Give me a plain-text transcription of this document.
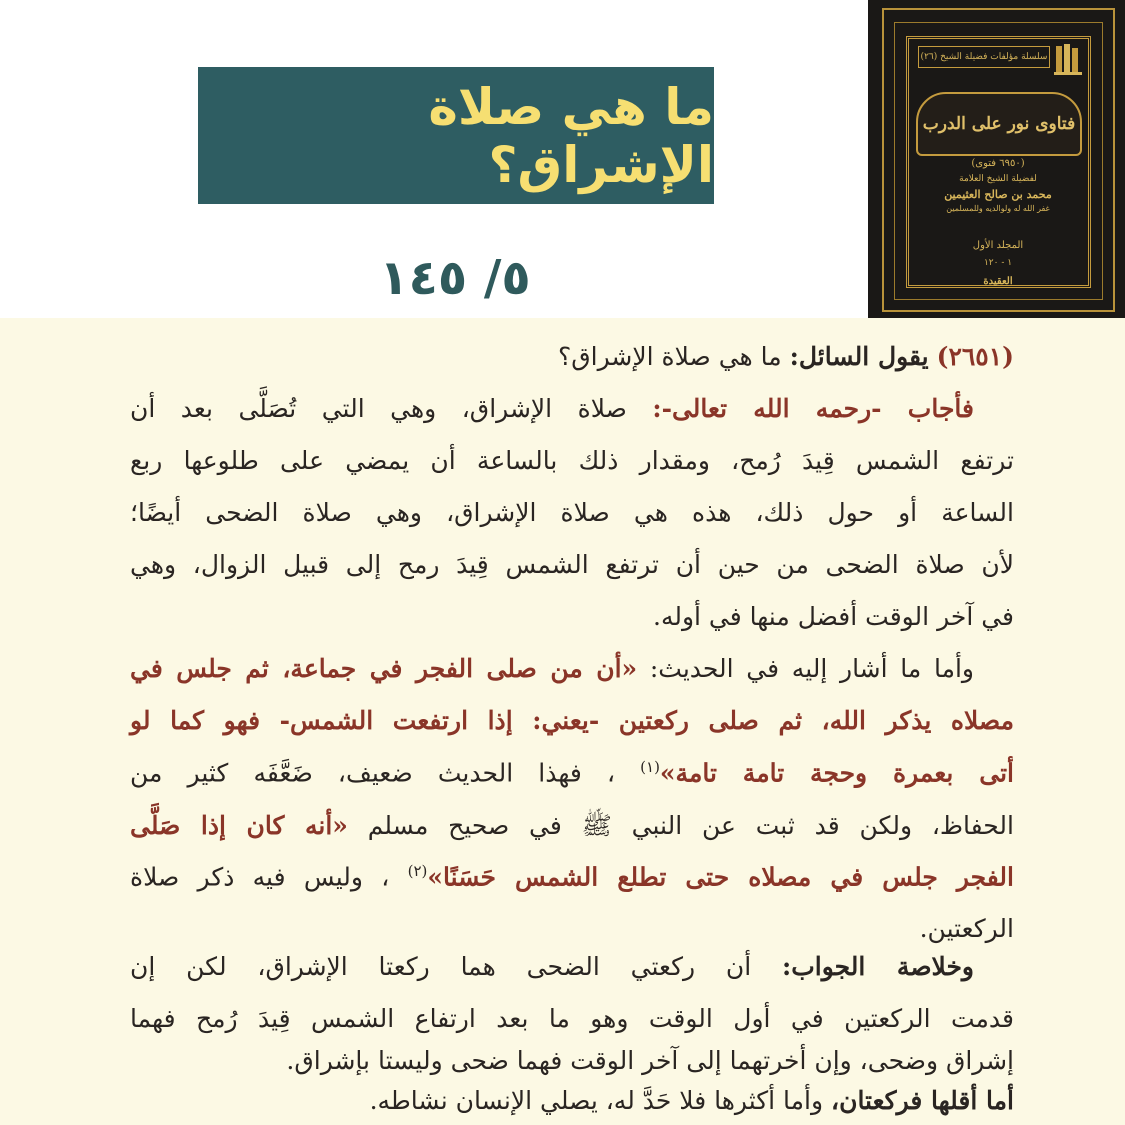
ما هي صلاة الإشراق؟
٥/ ١٤٥
سلسلة مؤلفات فضيلة الشيخ (٢٦)
فتاوى نور على الدرب
(٦٩٥٠ فتوى)
لفضيلة الشيخ العلامة
محمد بن صالح العثيمين
غفر الله له ولوالديه وللمسلمين
المجلد الأول
١ - ١٢٠
العقيدة
(٢٦٥١) يقول السائل: ما هي صلاة الإشراق؟
فأجاب -رحمه الله تعالى-: صلاة الإشراق، وهي التي تُصَلَّى بعد أن
ترتفع الشمس قِيدَ رُمح، ومقدار ذلك بالساعة أن يمضي على طلوعها ربع
الساعة أو حول ذلك، هذه هي صلاة الإشراق، وهي صلاة الضحى أيضًا؛
لأن صلاة الضحى من حين أن ترتفع الشمس قِيدَ رمح إلى قبيل الزوال، وهي
في آخر الوقت أفضل منها في أوله.
وأما ما أشار إليه في الحديث: «أن من صلى الفجر في جماعة، ثم جلس في
مصلاه يذكر الله، ثم صلى ركعتين -يعني: إذا ارتفعت الشمس- فهو كما لو
أتى بعمرة وحجة تامة تامة»$^{(١)}$ ، فهذا الحديث ضعيف، ضَعَّفَه كثير من
الحفاظ، ولكن قد ثبت عن النبي ﷺ في صحيح مسلم «أنه كان إذا صَلَّى
الفجر جلس في مصلاه حتى تطلع الشمس حَسَنًا»$^{(٢)}$ ، وليس فيه ذكر صلاة
الركعتين.
وخلاصة الجواب: أن ركعتي الضحى هما ركعتا الإشراق، لكن إن
قدمت الركعتين في أول الوقت وهو ما بعد ارتفاع الشمس قِيدَ رُمح فهما
إشراق وضحى، وإن أخرتهما إلى آخر الوقت فهما ضحى وليستا بإشراق.
أما أقلها فركعتان، وأما أكثرها فلا حَدَّ له، يصلي الإنسان نشاطه.
